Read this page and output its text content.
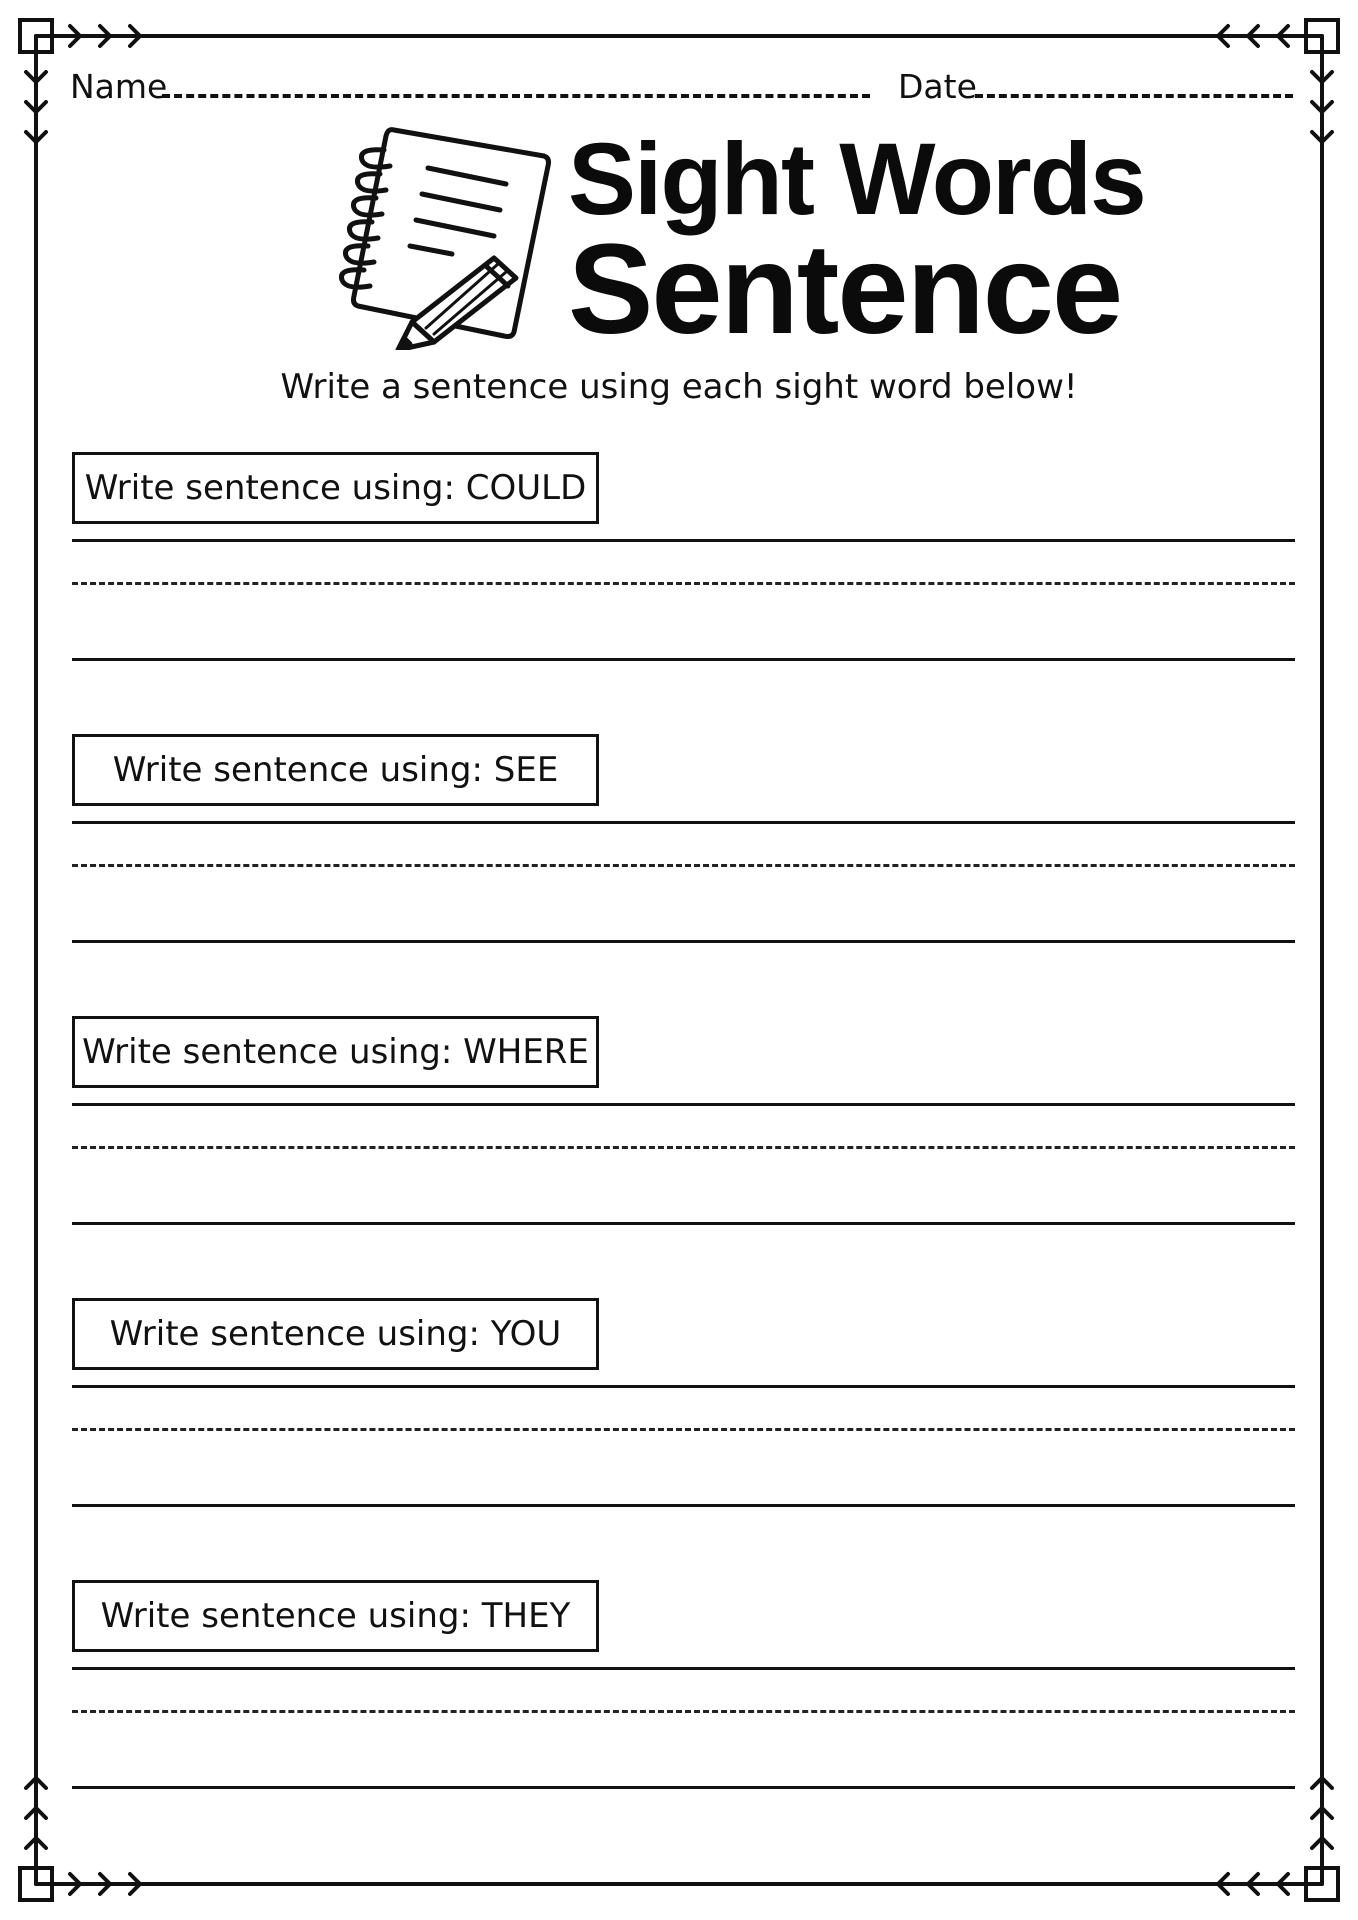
Name	Date
Sight Words
Sentence
Write a sentence using each sight word below!
Write sentence using: COULD
Write sentence using: SEE
Write sentence using: WHERE
Write sentence using: YOU
Write sentence using: THEY
